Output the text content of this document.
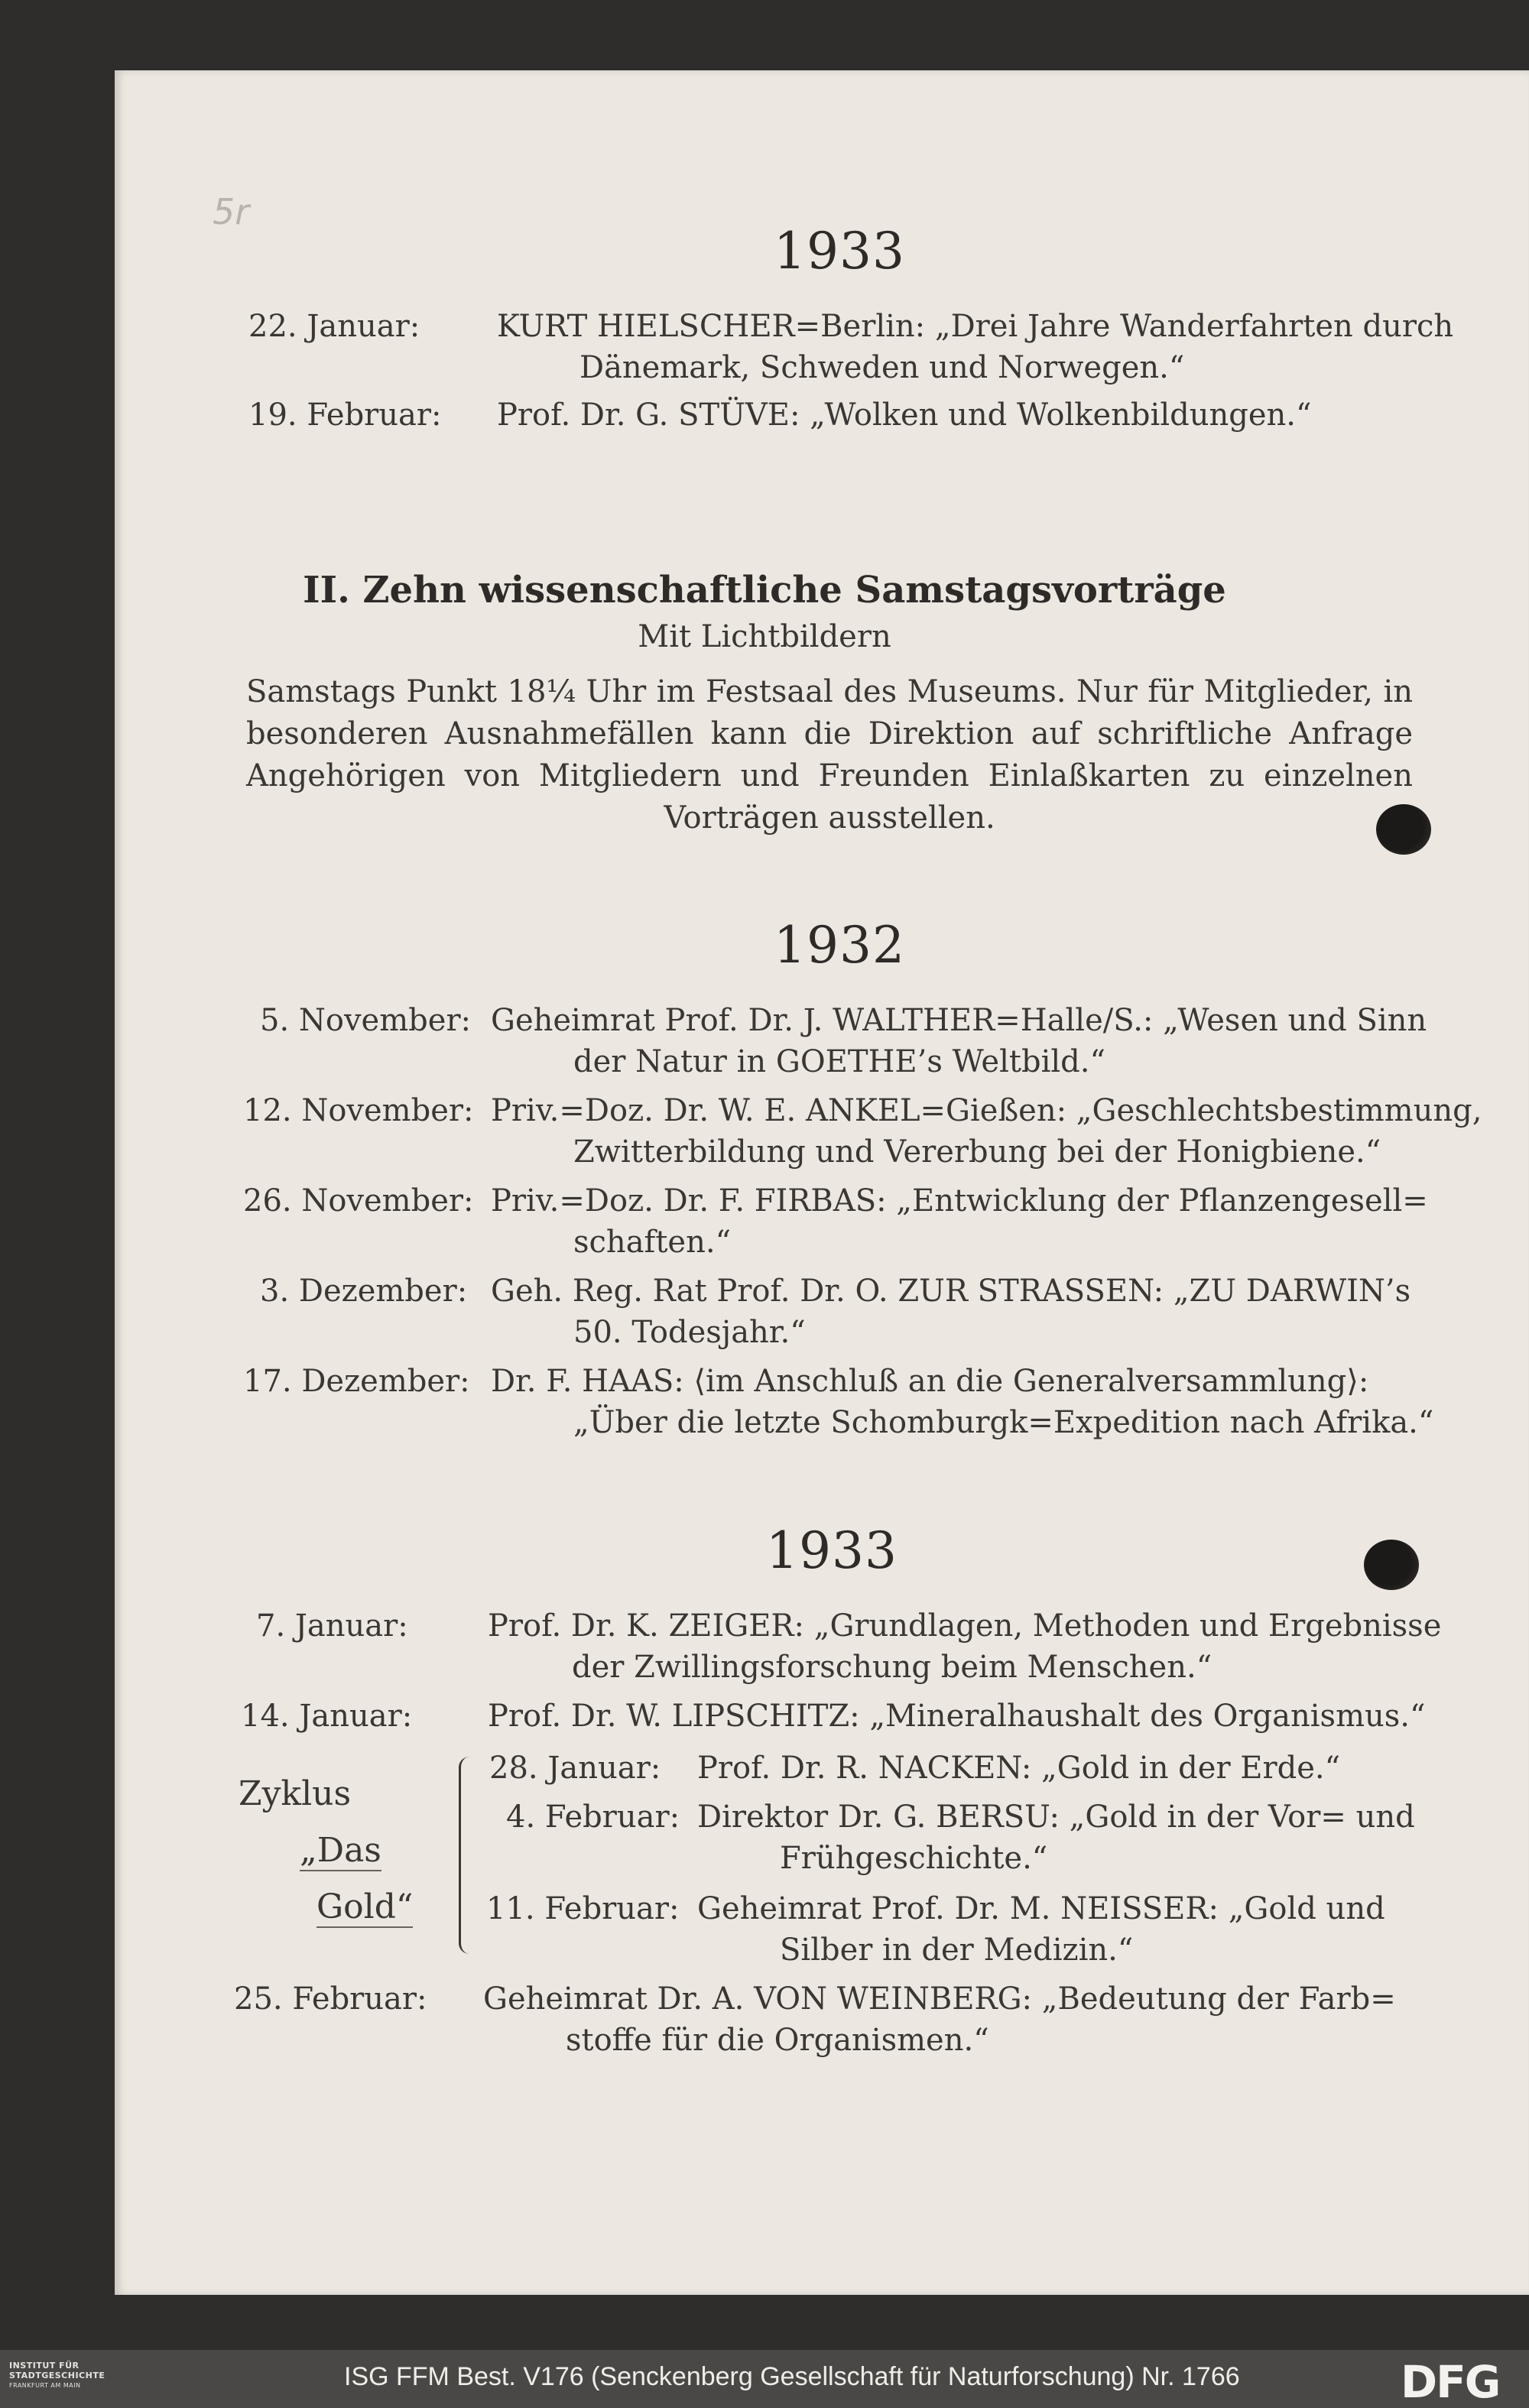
5r
1933
22. Januar:	KURT HIELSCHER=Berlin: „Drei Jahre Wanderfahrten durch
Dänemark, Schweden und Norwegen.“
19. Februar: Prof. Dr. G. STÜVE: „Wolken und Wolkenbildungen.“
II. Zehn wissenschaftliche Samstagsvorträge
Mit Lichtbildern
Samstags Punkt 18¼ Uhr im Festsaal des Museums. Nur für Mitglieder, in besonderen Ausnahmefällen kann die Direktion auf schriftliche Anfrage Angehörigen von Mitgliedern und Freunden Einlaßkarten zu einzelnen Vorträgen ausstellen.
1932
5. November: Geheimrat Prof. Dr. J. WALTHER=Halle/S.: „Wesen und Sinn
der Natur in GOETHE’s Weltbild.“
12. November: Priv.=Doz. Dr. W. E. ANKEL=Gießen: „Geschlechtsbestimmung,
Zwitterbildung und Vererbung bei der Honigbiene.“
26. November: Priv.=Doz. Dr. F. FIRBAS: „Entwicklung der Pflanzengesell=
schaften.“
3. Dezember: Geh. Reg. Rat Prof. Dr. O. ZUR STRASSEN: „ZU DARWIN’s
50. Todesjahr.“
17. Dezember: Dr. F. HAAS: ⟨im Anschluß an die Generalversammlung⟩:
„Über die letzte Schomburgk=Expedition nach Afrika.“
1933
7. Januar:	Prof. Dr. K. ZEIGER: „Grundlagen, Methoden und Ergebnisse
der Zwillingsforschung beim Menschen.“
14. Januar: Prof. Dr. W. LIPSCHITZ: „Mineralhaushalt des Organismus.“
Zyklus
„Das
Gold“
28. Januar: Prof. Dr. R. NACKEN: „Gold in der Erde.“
4. Februar: Direktor Dr. G. BERSU: „Gold in der Vor= und
Frühgeschichte.“
11. Februar: Geheimrat Prof. Dr. M. NEISSER: „Gold und
Silber in der Medizin.“
25. Februar: Geheimrat Dr. A. VON WEINBERG: „Bedeutung der Farb=
stoffe für die Organismen.“
INSTITUT FÜR
STADTGESCHICHTE
FRANKFURT AM MAIN	ISG FFM Best. V176 (Senckenberg Gesellschaft für Naturforschung) Nr. 1766	DFG
